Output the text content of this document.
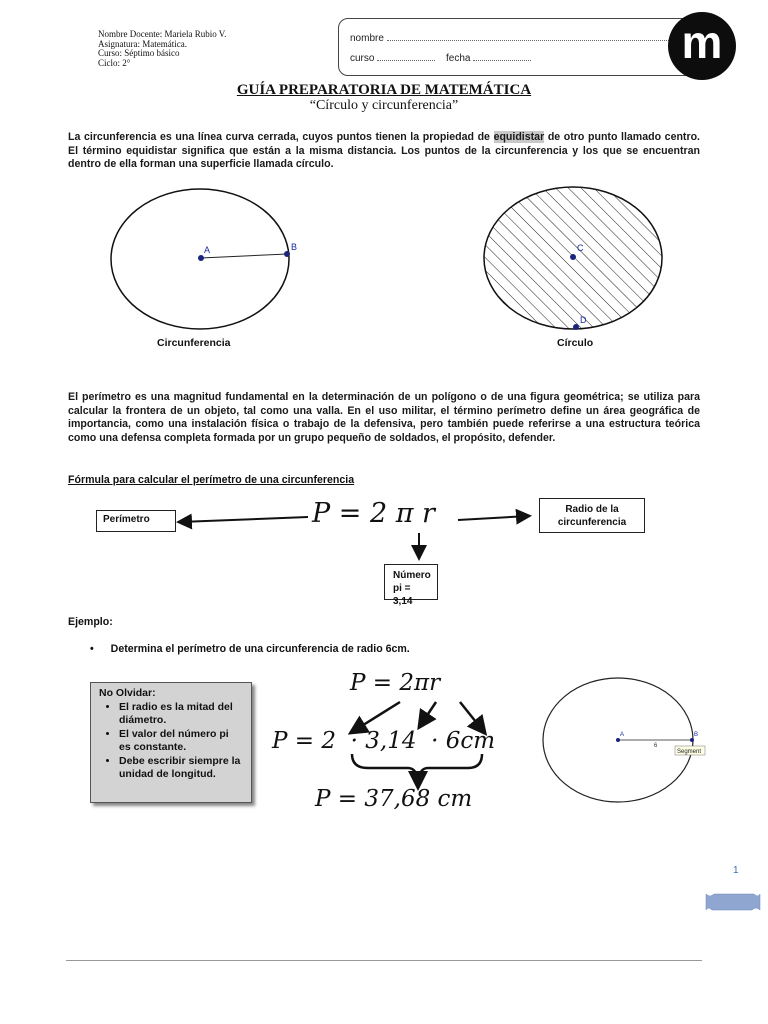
Nombre Docente: Mariela Rubio V.
Asignatura: Matemática.
Curso: Séptimo básico
Ciclo: 2°
nombre
curso	fecha	m
GUÍA PREPARATORIA DE MATEMÁTICA
“Círculo y circunferencia”
La circunferencia es una línea curva cerrada, cuyos puntos tienen la propiedad de equidistar de otro punto llamado centro. El término equidistar significa que están a la misma distancia. Los puntos de la circunferencia y los que se encuentran dentro de ella forman una superficie llamada círculo.
A	B	C
D
Circunferencia	Círculo
El perímetro es una magnitud fundamental en la determinación de un polígono o de una figura geométrica; se utiliza para calcular la frontera de un objeto, tal como una valla. En el uso militar, el término perímetro define un área geográfica de importancia, como una instalación física o trabajo de la defensiva, pero también puede referirse a una estructura teórica como una defensa completa formada por un grupo pequeño de soldados, el propósito, defender.
Fórmula para calcular el perímetro de una circunferencia
Perímetro	P = 2 π r	Radio de la
circunferencia
Número
pi = 3,14
Ejemplo:
• Determina el perímetro de una circunferencia de radio 6cm.
No Olvidar:
• El radio es la mitad del diámetro.
• El valor del número pi es constante.
• Debe escribir siempre la unidad de longitud.
P = 2πr
P = 2  · 3,14  · 6cm
P = 37,68 cm
A	B
6
Segment
1
